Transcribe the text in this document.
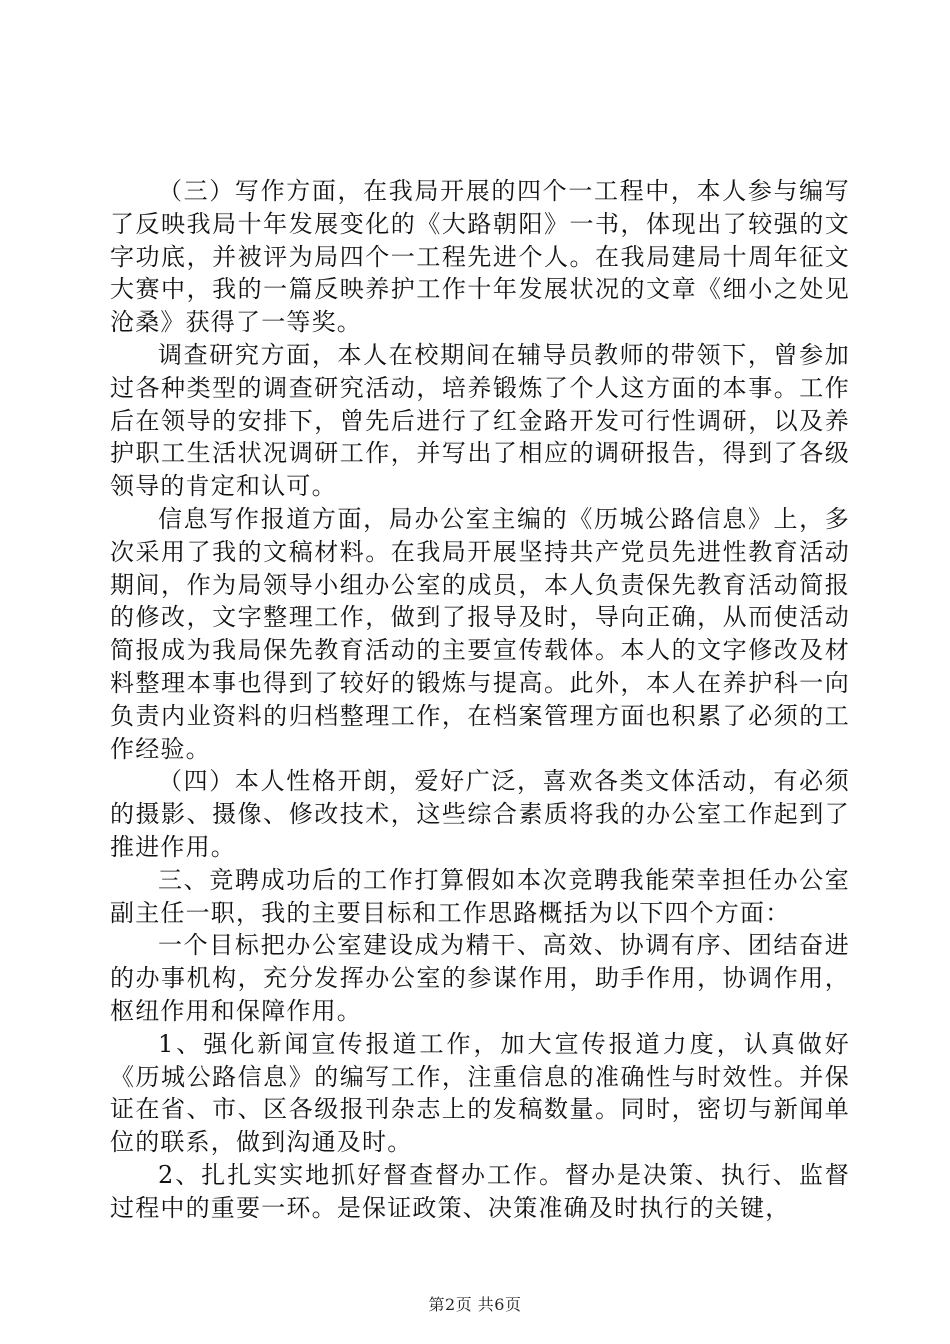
（三）写作方面，在我局开展的四个一工程中，本人参与编写了反映我局十年发展变化的《大路朝阳》一书，体现出了较强的文字功底，并被评为局四个一工程先进个人。在我局建局十周年征文大赛中，我的一篇反映养护工作十年发展状况的文章《细小之处见沧桑》获得了一等奖。

调查研究方面，本人在校期间在辅导员教师的带领下，曾参加过各种类型的调查研究活动，培养锻炼了个人这方面的本事。工作后在领导的安排下，曾先后进行了红金路开发可行性调研，以及养护职工生活状况调研工作，并写出了相应的调研报告，得到了各级领导的肯定和认可。

信息写作报道方面，局办公室主编的《历城公路信息》上，多次采用了我的文稿材料。在我局开展坚持共产党员先进性教育活动期间，作为局领导小组办公室的成员，本人负责保先教育活动简报的修改，文字整理工作，做到了报导及时，导向正确，从而使活动简报成为我局保先教育活动的主要宣传载体。本人的文字修改及材料整理本事也得到了较好的锻炼与提高。此外，本人在养护科一向负责内业资料的归档整理工作，在档案管理方面也积累了必须的工作经验。

（四）本人性格开朗，爱好广泛，喜欢各类文体活动，有必须的摄影、摄像、修改技术，这些综合素质将我的办公室工作起到了推进作用。

三、竞聘成功后的工作打算假如本次竞聘我能荣幸担任办公室副主任一职，我的主要目标和工作思路概括为以下四个方面：

一个目标把办公室建设成为精干、高效、协调有序、团结奋进的办事机构，充分发挥办公室的参谋作用，助手作用，协调作用，枢纽作用和保障作用。

1、强化新闻宣传报道工作，加大宣传报道力度，认真做好《历城公路信息》的编写工作，注重信息的准确性与时效性。并保证在省、市、区各级报刊杂志上的发稿数量。同时，密切与新闻单位的联系，做到沟通及时。

2、扎扎实实地抓好督查督办工作。督办是决策、执行、监督过程中的重要一环。是保证政策、决策准确及时执行的关键，

第2页 共6页
